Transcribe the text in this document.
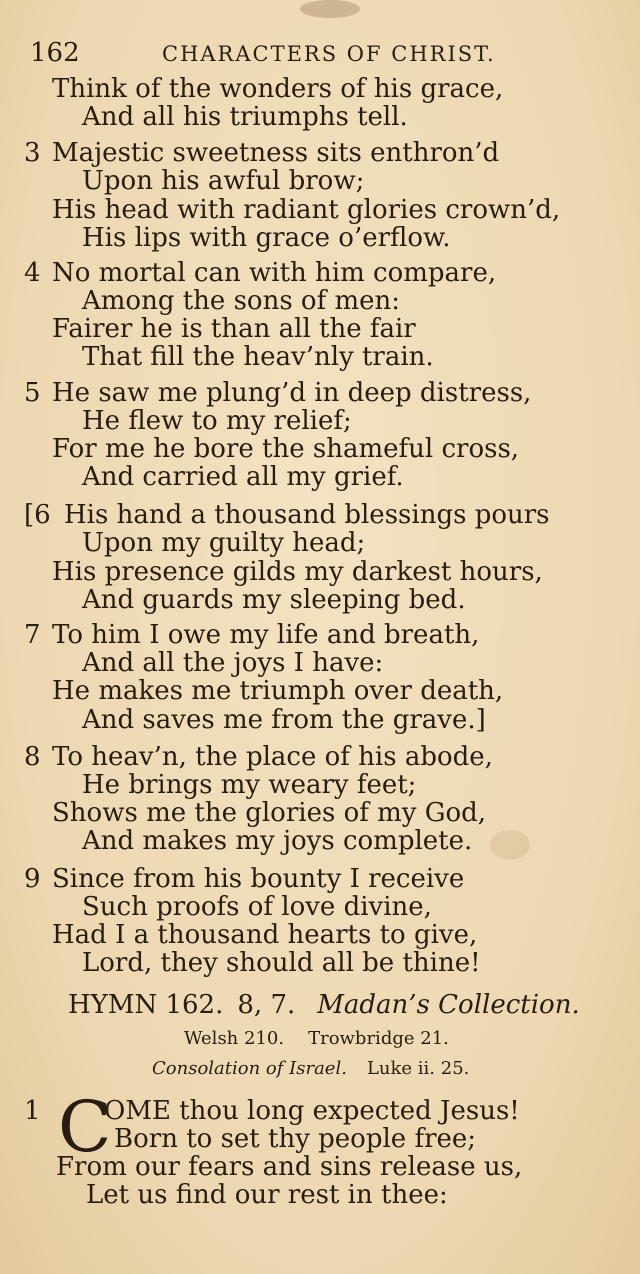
162	CHARACTERS OF CHRIST.
Think of the wonders of his grace,
And all his triumphs tell.
3 Majestic sweetness sits enthron’d
Upon his awful brow;
His head with radiant glories crown’d,
His lips with grace o’erflow.
4 No mortal can with him compare,
Among the sons of men:
Fairer he is than all the fair
That fill the heav’nly train.
5 He saw me plung’d in deep distress,
He flew to my relief;
For me he bore the shameful cross,
And carried all my grief.
[6 His hand a thousand blessings pours
Upon my guilty head;
His presence gilds my darkest hours,
And guards my sleeping bed.
7 To him I owe my life and breath,
And all the joys I have:
He makes me triumph over death,
And saves me from the grave.]
8 To heav’n, the place of his abode,
He brings my weary feet;
Shows me the glories of my God,
And makes my joys complete.
9 Since from his bounty I receive
Such proofs of love divine,
Had I a thousand hearts to give,
Lord, they should all be thine!
HYMN 162. 8, 7. Madan’s Collection.
Welsh 210. Trowbridge 21.
Consolation of Israel. Luke ii. 25.
1 C
OME thou long expected Jesus!
Born to set thy people free;
From our fears and sins release us,
Let us find our rest in thee:
